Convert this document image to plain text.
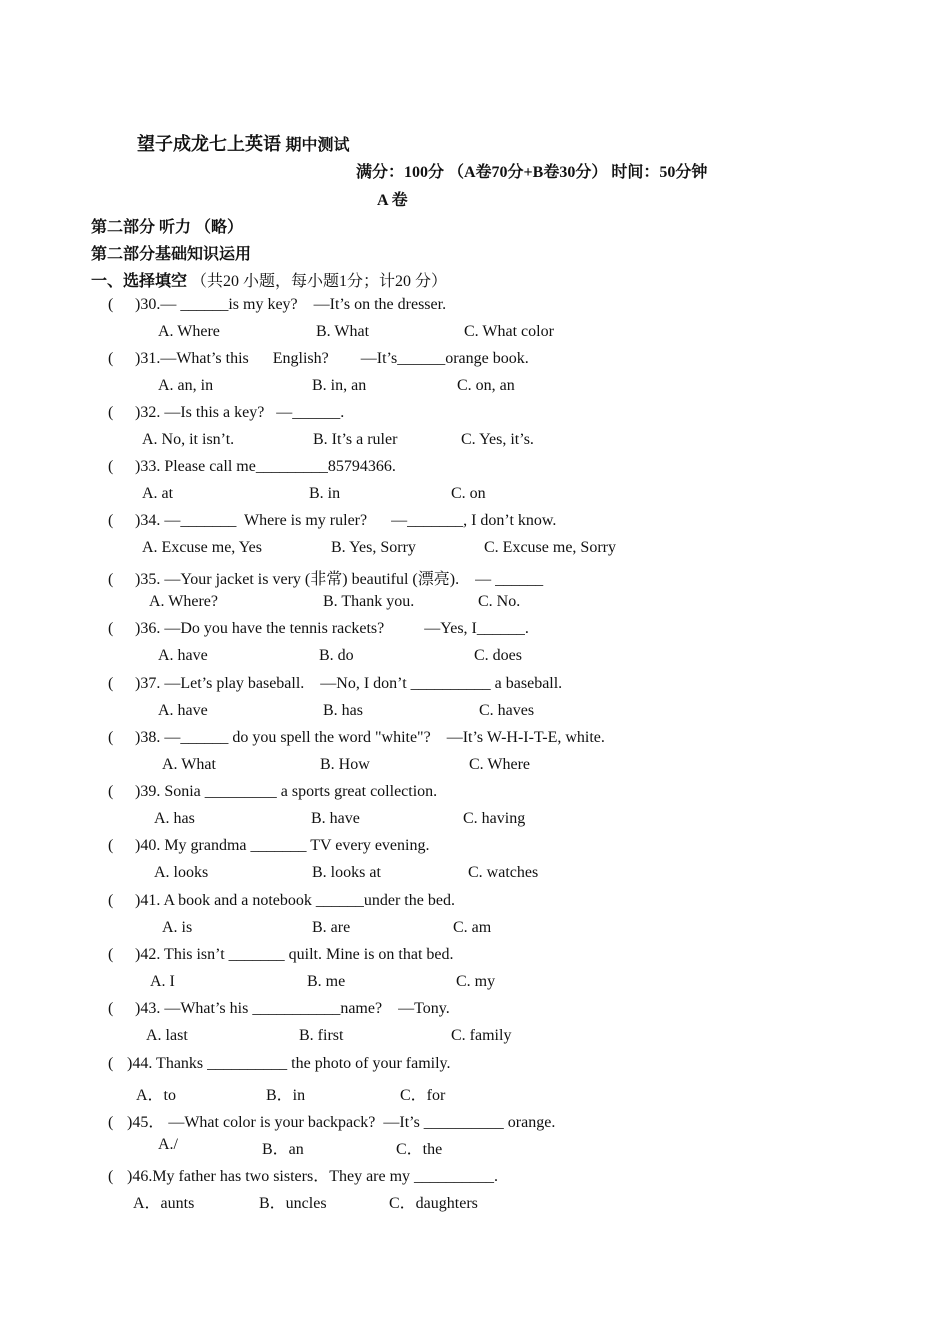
望子成龙七上英语 期中测试
满分：100分 （A卷70分+B卷30分） 时间：50分钟
A 卷
第二部分 听力 （略）
第二部分基础知识运用
一、选择填空 （共20 小题，每小题1分；计20 分）
( )30.— ______is my key?    —It’s on the dresser.
A. Where	B. What	C. What color
( )31.—What’s this      English?        —It’s______orange book.
A. an, in	B. in, an	C. on, an
( )32. —Is this a key?   —______.
A. No, it isn’t.	B. It’s a ruler	C. Yes, it’s.
( )33. Please call me_________85794366.
A. at	B. in	C. on
( )34. —_______  Where is my ruler?      —_______, I don’t know.
A. Excuse me, Yes	B. Yes, Sorry	C. Excuse me, Sorry
( )35. —Your jacket is very (非常) beautiful (漂亮).    — ______
A. Where?	B. Thank you.	C. No.
( )36. —Do you have the tennis rackets?          —Yes, I______.
A. have	B. do	C. does
( )37. —Let’s play baseball.    —No, I don’t __________ a baseball.
A. have	B. has	C. haves
( )38. —______ do you spell the word "white"?    —It’s W-H-I-T-E, white.
A. What	B. How	C. Where
( )39. Sonia _________ a sports great collection.
A. has	B. have	C. having
( )40. My grandma _______ TV every evening.
A. looks	B. looks at	C. watches
( )41. A book and a notebook ______under the bed.
A. is	B. are	C. am
( )42. This isn’t _______ quilt. Mine is on that bed.
A. I	B. me	C. my
( )43. —What’s his ___________name?    —Tony.
A. last	B. first	C. family
( )44. Thanks __________ the photo of your family.
A．to	B．in	C．for
( )45． —What color is your backpack?  —It’s __________ orange.
A./	B．an	C．the
( )46.My father has two sisters．They are my __________.
A．aunts	B．uncles	C．daughters
